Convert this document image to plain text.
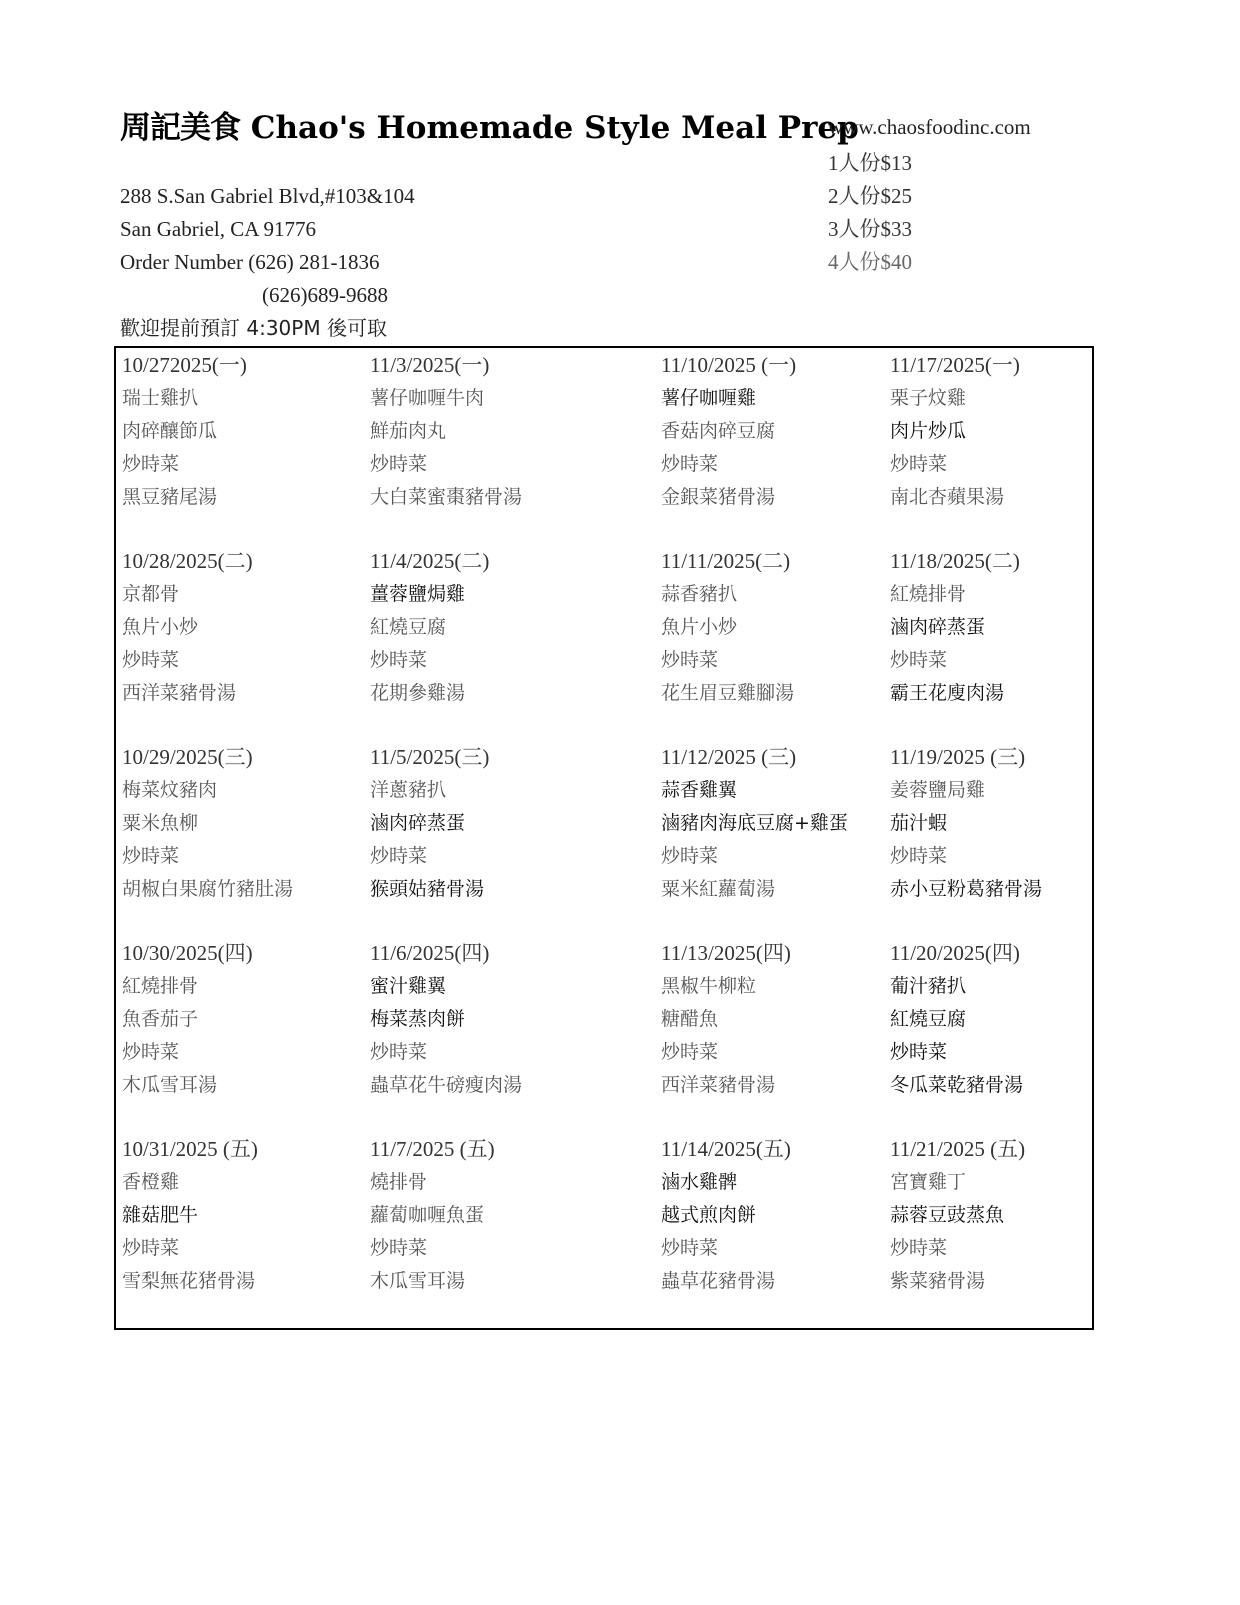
周記美食 Chao's Homemade Style Meal Prep
www.chaosfoodinc.com
1人份$13
2人份$25
3人份$33
4人份$40
288 S.San Gabriel Blvd,#103&104
San Gabriel, CA 91776
Order Number (626) 281-1836
(626)689-9688
歡迎提前預訂 4:30PM 後可取
10/272025(一)
瑞士雞扒
肉碎釀節瓜
炒時菜
黑豆豬尾湯
10/28/2025(二)
京都骨
魚片小炒
炒時菜
西洋菜豬骨湯
10/29/2025(三)
梅菜炆豬肉
粟米魚柳
炒時菜
胡椒白果腐竹豬肚湯
10/30/2025(四)
紅燒排骨
魚香茄子
炒時菜
木瓜雪耳湯
10/31/2025 (五)
香橙雞
雜菇肥牛
炒時菜
雪梨無花猪骨湯
11/3/2025(一)
薯仔咖喱牛肉
鮮茄肉丸
炒時菜
大白菜蜜棗豬骨湯
11/4/2025(二)
薑蓉鹽焗雞
紅燒豆腐
炒時菜
花期參雞湯
11/5/2025(三)
洋蔥豬扒
滷肉碎蒸蛋
炒時菜
猴頭姑豬骨湯
11/6/2025(四)
蜜汁雞翼
梅菜蒸肉餅
炒時菜
蟲草花牛磅瘦肉湯
11/7/2025 (五)
燒排骨
蘿蔔咖喱魚蛋
炒時菜
木瓜雪耳湯
11/10/2025 (一)
薯仔咖喱雞
香菇肉碎豆腐
炒時菜
金銀菜猪骨湯
11/11/2025(二)
蒜香豬扒
魚片小炒
炒時菜
花生眉豆雞腳湯
11/12/2025 (三)
蒜香雞翼
滷豬肉海底豆腐+雞蛋
炒時菜
粟米紅蘿蔔湯
11/13/2025(四)
黑椒牛柳粒
糖醋魚
炒時菜
西洋菜豬骨湯
11/14/2025(五)
滷水雞髀
越式煎肉餅
炒時菜
蟲草花豬骨湯
11/17/2025(一)
栗子炆雞
肉片炒瓜
炒時菜
南北杏蘋果湯
11/18/2025(二)
紅燒排骨
滷肉碎蒸蛋
炒時菜
霸王花廋肉湯
11/19/2025 (三)
姜蓉鹽局雞
茄汁蝦
炒時菜
赤小豆粉葛豬骨湯
11/20/2025(四)
葡汁豬扒
紅燒豆腐
炒時菜
冬瓜菜乾豬骨湯
11/21/2025 (五)
宮寶雞丁
蒜蓉豆豉蒸魚
炒時菜
紫菜豬骨湯
